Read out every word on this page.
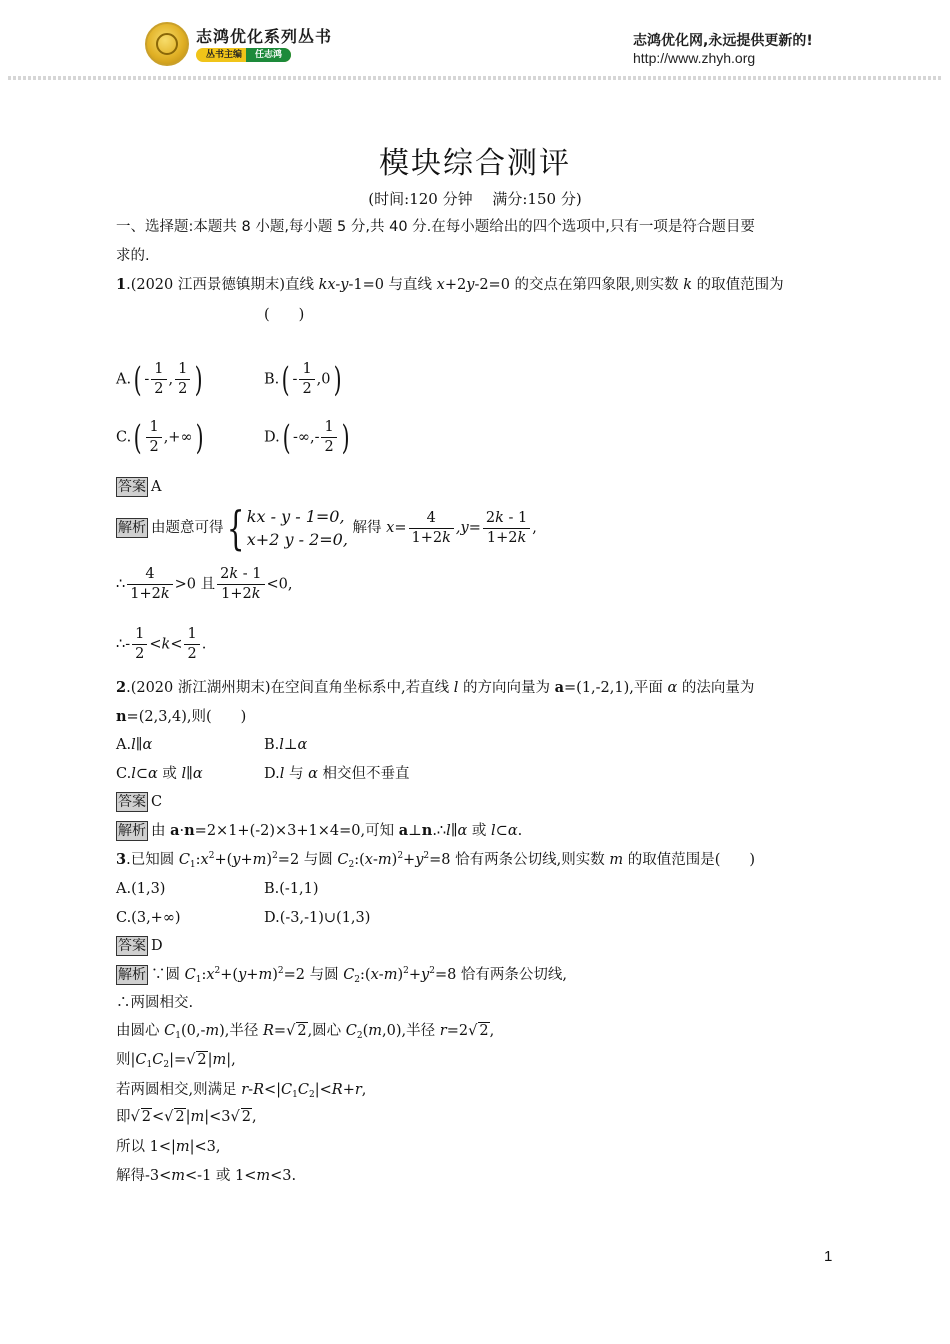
志鸿优化系列丛书
丛书主编	任志鸿
志鸿优化网,永远提供更新的!
http://www.zhyh.org
模块综合测评
(时间:120 分钟　 满分:150 分)
一、选择题:本题共 8 小题,每小题 5 分,共 40 分.在每小题给出的四个选项中,只有一项是符合题目要
求的.
1.(2020 江西景德镇期末)直线 kx-y-1=0 与直线 x+2y-2=0 的交点在第四象限,则实数 k 的取值范围为
(　　)
$A.( - \frac{1}{2}$ , $\frac{1}{2}$ )	$B.( - \frac{1}{2} ,0)$
$C.( \frac{1}{2}$ ,+∞)	D.( -∞,- $\frac{1}{2}$ )
答案 A
解析 由题意可得{ kx - y - 1=0,
x+2 y - 2=0, 解得 $x= \frac{4}{1+2k} ,y= \frac{2k - 1}{1+2k}$ ,
∴ $\frac{4}{1+2k} >0$ 且 $\frac{2k - 1}{1+2k} <0$,
∴- $\frac{1}{2} <k< \frac{1}{2}$ .
2.(2020 浙江湖州期末)在空间直角坐标系中,若直线 l 的方向向量为 a=(1,-2,1),平面 α 的法向量为
n=(2,3,4),则(　　)
A.l∥α	B.l⊥α
C.l⊂α 或 l∥α	D.l 与 α 相交但不垂直
答案 C
解析 由 a·n=2×1+(-2)×3+1×4=0,可知 a⊥n.∴l∥α 或 l⊂α.
3.已知圆 $C_1:x^2+(y+m)^2=2$ 与圆 $C_2:(x-m)^2+y^2=8$ 恰有两条公切线,则实数 m 的取值范围是(　　)
A.(1,3)	B.(-1,1)
C.(3,+∞)	D.(-3,-1)∪(1,3)
答案 D
解析 ∵圆 $C_1:x^2+(y+m)^2=2$ 与圆 $C_2:(x-m)^2+y^2=8$ 恰有两条公切线,
∴两圆相交.
由圆心 $C_1(0,-m)$,半径 R=√ 2,圆心 $C_2(m,0)$,半径 r=2√ 2,
则$|C_1C_2|=√$ 2|m|,
若两圆相交,则满足 $r-R<|C_1C_2|<R+r$,
即√ 2<√ 2|m|<3√ 2,
所以 1<|m|<3,
解得-3<m<-1 或 1<m<3.
1
